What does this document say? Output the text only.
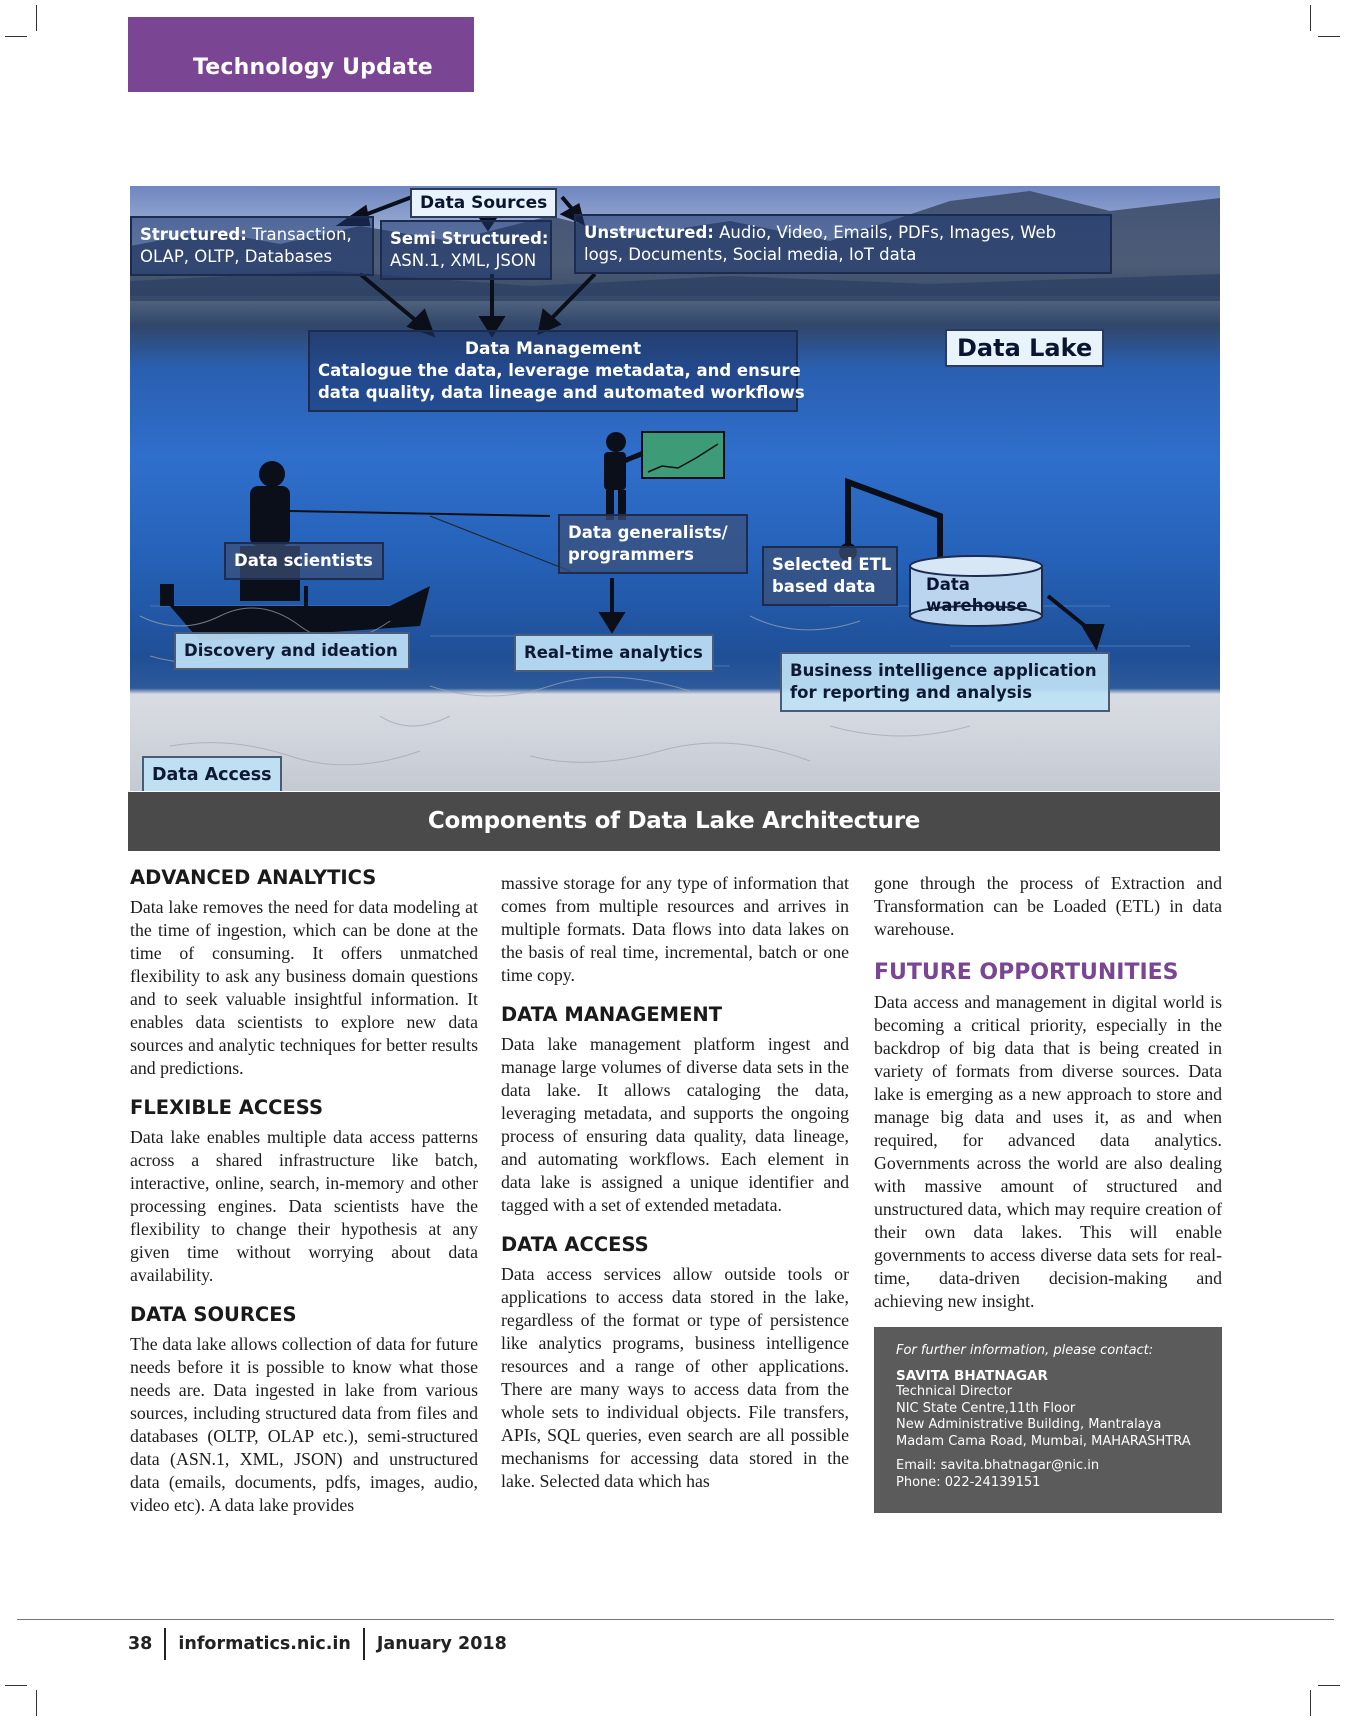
Technology Update
Data Sources
Structured: Transaction,
OLAP, OLTP, Databases
Semi Structured:
ASN.1, XML, JSON
Unstructured: Audio, Video, Emails, PDFs, Images, Web
logs, Documents, Social media, IoT data
Data Management
Catalogue the data, leverage metadata, and ensure
data quality, data lineage and automated workflows
Data Lake
Data scientists
Data generalists/
programmers
Selected ETL
based data	Data
warehouse
Discovery and ideation	Real-time analytics
Business intelligence application
for reporting and analysis
Data Access
Components of Data Lake Architecture
ADVANCED ANALYTICS

Data lake removes the need for data modeling at the time of ingestion, which can be done at the time of consuming. It offers unmatched flexibility to ask any business domain questions and to seek valuable insightful information. It enables data scientists to explore new data sources and analytic techniques for better results and predictions.

FLEXIBLE ACCESS

Data lake enables multiple data access patterns across a shared infrastructure like batch, interactive, online, search, in-memory and other processing engines. Data scientists have the flexibility to change their hypothesis at any given time without worrying about data availability.

DATA SOURCES

The data lake allows collection of data for future needs before it is possible to know what those needs are. Data ingested in lake from various sources, including structured data from files and databases (OLTP, OLAP etc.), semi-structured data (ASN.1, XML, JSON) and unstructured data (emails, documents, pdfs, images, audio, video etc). A data lake provides

massive storage for any type of information that comes from multiple resources and arrives in multiple formats. Data flows into data lakes on the basis of real time, incremental, batch or one time copy.

DATA MANAGEMENT

Data lake management platform ingest and manage large volumes of diverse data sets in the data lake. It allows cataloging the data, leveraging metadata, and supports the ongoing process of ensuring data quality, data lineage, and automating workflows. Each element in data lake is assigned a unique identifier and tagged with a set of extended metadata.

DATA ACCESS

Data access services allow outside tools or applications to access data stored in the lake, regardless of the format or type of persistence like analytics programs, business intelligence resources and a range of other applications. There are many ways to access data from the whole sets to individual objects. File transfers, APIs, SQL queries, even search are all possible mechanisms for accessing data stored in the lake. Selected data which has

gone through the process of Extraction and Transformation can be Loaded (ETL) in data warehouse.

FUTURE OPPORTUNITIES

Data access and management in digital world is becoming a critical priority, especially in the backdrop of big data that is being created in variety of formats from diverse sources. Data lake is emerging as a new approach to store and manage big data and uses it, as and when required, for advanced data analytics. Governments across the world are also dealing with massive amount of structured and unstructured data, which may require creation of their own data lakes. This will enable governments to access diverse data sets for real-time, data-driven decision-making and achieving new insight.

For further information, please contact:
SAVITA BHATNAGAR
Technical Director
NIC State Centre,11th Floor
New Administrative Building, Mantralaya
Madam Cama Road, Mumbai, MAHARASHTRA
Email: savita.bhatnagar@nic.in
Phone: 022-24139151
38 informatics.nic.in January 2018
